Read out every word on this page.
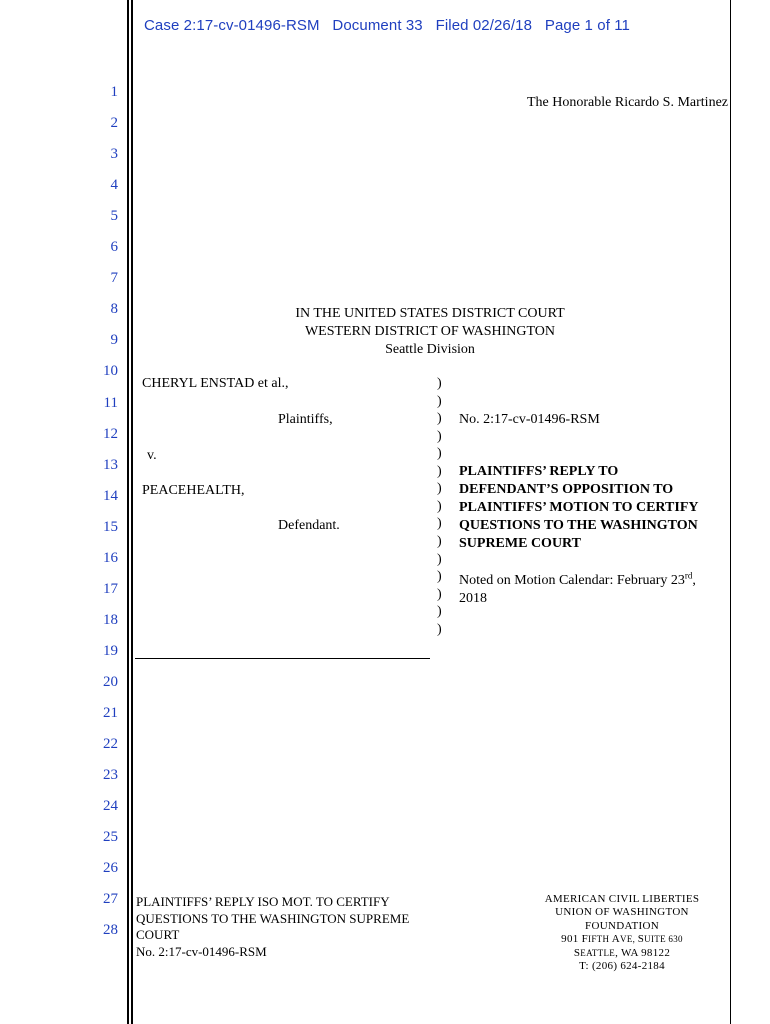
Case 2:17-cv-01496-RSM Document 33 Filed 02/26/18 Page 1 of 11
The Honorable Ricardo S. Martinez
1
2
3
4
5
6
7
8
9
10
11
12
13
14
15
16
17
18
19
20
21
22
23
24
25
26
27
28
IN THE UNITED STATES DISTRICT COURT
WESTERN DISTRICT OF WASHINGTON
Seattle Division
CHERYL ENSTAD et al.,
Plaintiffs,
v.
PEACEHEALTH,
Defendant.
)
)
)
)
)
)
)
)
)
)
)
)
)
)
)
No. 2:17-cv-01496-RSM
PLAINTIFFS’ REPLY TO
DEFENDANT’S OPPOSITION TO
PLAINTIFFS’ MOTION TO CERTIFY
QUESTIONS TO THE WASHINGTON
SUPREME COURT
Noted on Motion Calendar: February 23rd,
2018
PLAINTIFFS’ REPLY ISO MOT. TO CERTIFY
QUESTIONS TO THE WASHINGTON SUPREME
COURT
No. 2:17-cv-01496-RSM
AMERICAN CIVIL LIBERTIES
UNION OF WASHINGTON
FOUNDATION
901 FIFTH AVE, SUITE 630
SEATTLE, WA 98122
T: (206) 624-2184
